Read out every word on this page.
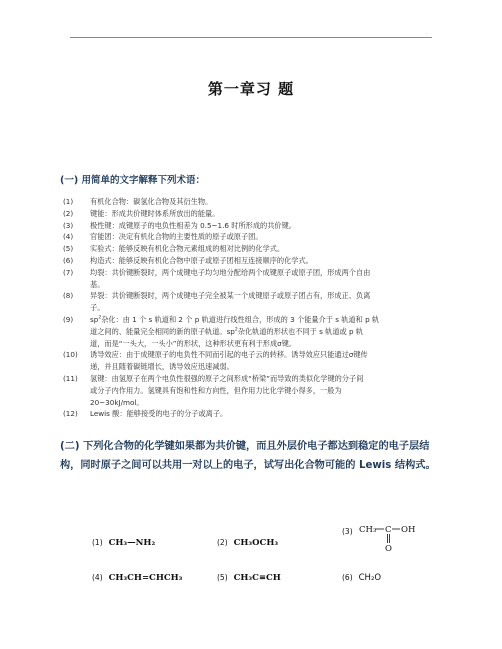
.
第一章习 题
(一) 用简单的文字解释下列术语：
(1)	有机化合物：碳氢化合物及其衍生物。
(2)	键能：形成共价键时体系所放出的能量。
(3)	极性键：成键原子的电负性相差为 0.5~1.6 时所形成的共价键。
(4)	官能团：决定有机化合物的主要性质的原子或原子团。
(5)	实验式：能够反映有机化合物元素组成的相对比例的化学式。
(6)	构造式：能够反映有机化合物中原子或原子团相互连接顺序的化学式。
(7)	均裂：共价键断裂时，两个成键电子均匀地分配给两个成键原子或原子团，形成两个自由
基。
(8)	异裂：共价键断裂时，两个成键电子完全被某一个成键原子或原子团占有，形成正、负离
子。
(9)	$sp^2$杂化：由 1 个 s 轨道和 2 个 p 轨道进行线性组合，形成的 3 个能量介于 s 轨道和 p 轨
道之间的、能量完全相同的新的原子轨道。$sp^2$杂化轨道的形状也不同于 s 轨道或 p 轨
道，而是“一头大，一头小”的形状，这种形状更有利于形成σ键。
(10)	诱导效应：由于成键原子的电负性不同而引起的电子云的转移。诱导效应只能通过σ键传
递，并且随着碳链增长，诱导效应迅速减弱。
(11)	氢键：由氢原子在两个电负性很强的原子之间形成“桥梁”而导致的类似化学键的分子间
或分子内作用力。氢键具有饱和性和方向性，但作用力比化学键小得多，一般为
20~30kJ/mol。
(12)	Lewis 酸：能够接受的电子的分子或离子。
(二) 下列化合物的化学键如果都为共价键，而且外层价电子都达到稳定的电子层结构，同时原子之间可以共用一对以上的电子，试写出化合物可能的 Lewis 结构式。
(1) CH₃—NH₂	(2) CH₃OCH₃
(3) CH₃ C OH
O
(4) CH₃CH=CHCH₃	(5) CH₃C≡CH	(6) CH₂O
